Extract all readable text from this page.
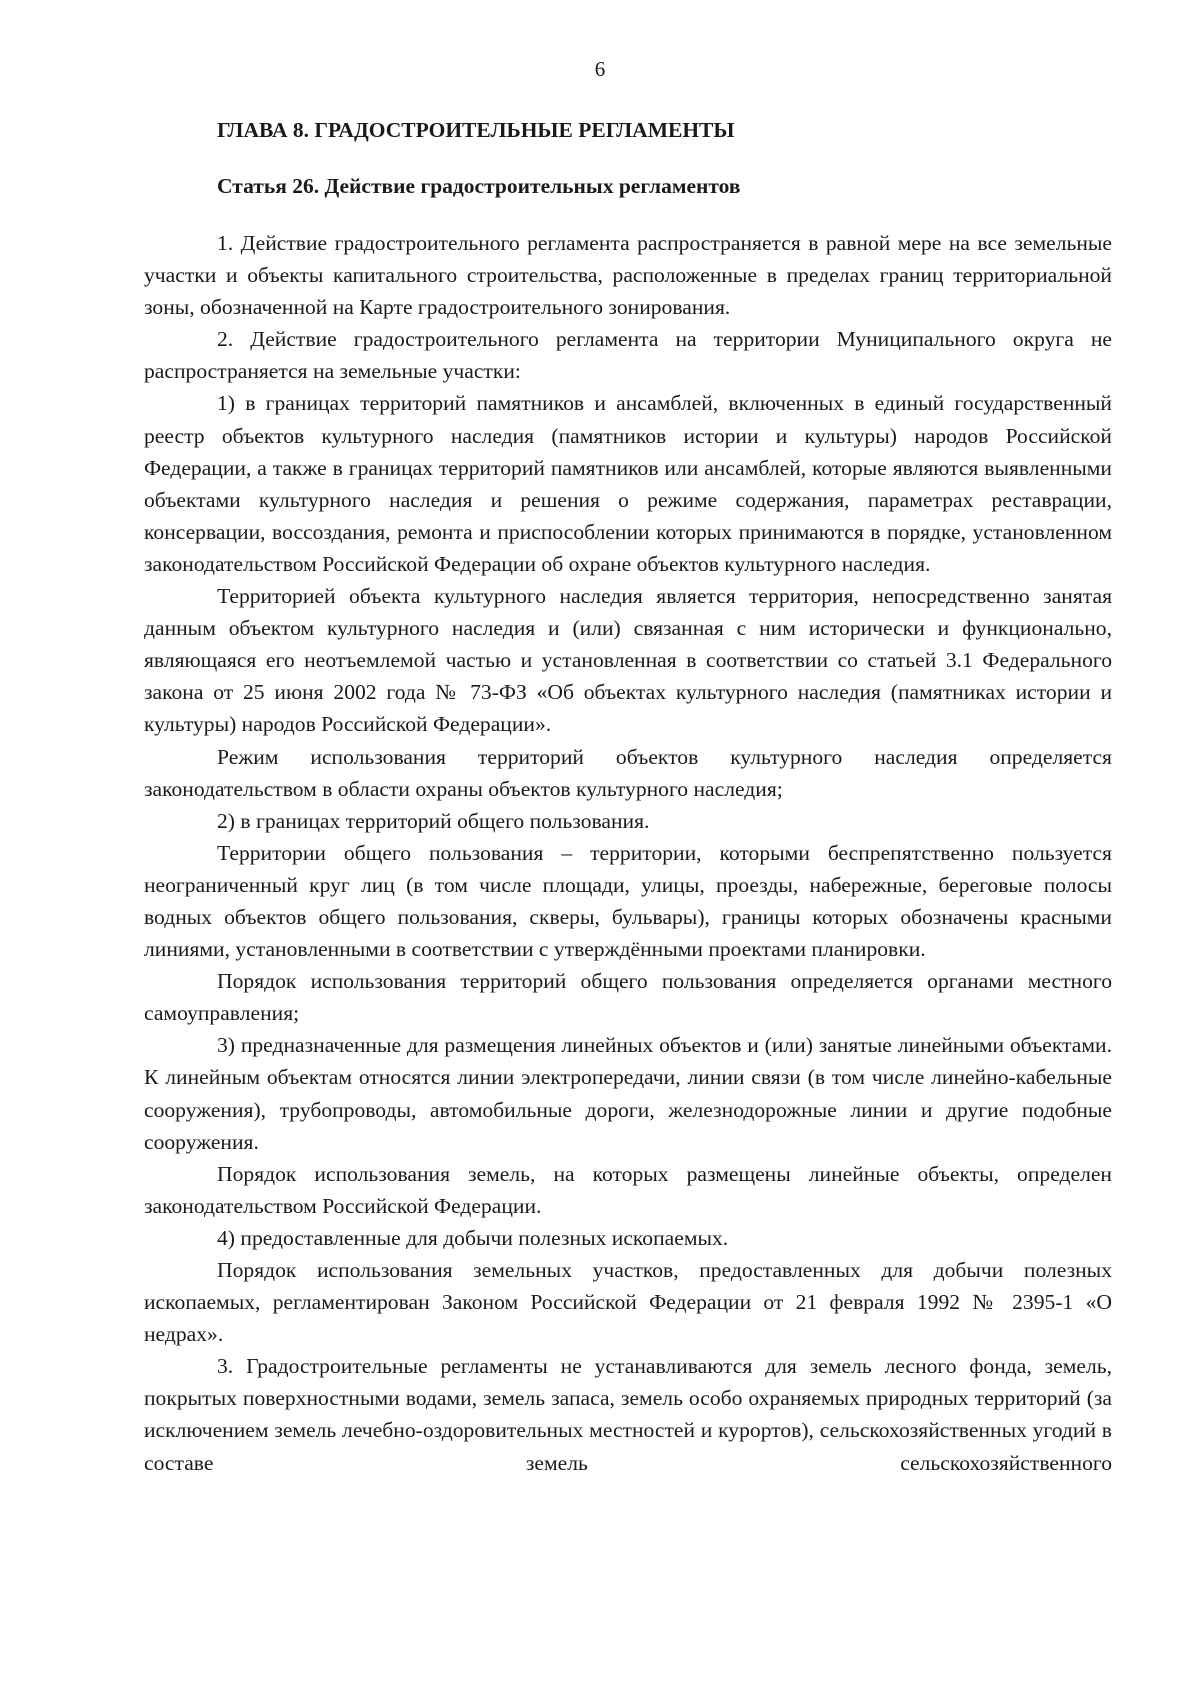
6
ГЛАВА 8. ГРАДОСТРОИТЕЛЬНЫЕ РЕГЛАМЕНТЫ
Статья 26. Действие градостроительных регламентов

1. Действие градостроительного регламента распространяется в равной мере на все земельные участки и объекты капитального строительства, расположенные в пределах границ территориальной зоны, обозначенной на Карте градостроительного зонирования.

2. Действие градостроительного регламента на территории Муниципального округа не распространяется на земельные участки:

1) в границах территорий памятников и ансамблей, включенных в единый государственный реестр объектов культурного наследия (памятников истории и культуры) народов Российской Федерации, а также в границах территорий памятников или ансамблей, которые являются выявленными объектами культурного наследия и решения о режиме содержания, параметрах реставрации, консервации, воссоздания, ремонта и приспособлении которых принимаются в порядке, установленном законодательством Российской Федерации об охране объектов культурного наследия.

Территорией объекта культурного наследия является территория, непосредственно занятая данным объектом культурного наследия и (или) связанная с ним исторически и функционально, являющаяся его неотъемлемой частью и установленная в соответствии со статьей 3.1 Федерального закона от 25 июня 2002 года № 73-ФЗ «Об объектах культурного наследия (памятниках истории и культуры) народов Российской Федерации».

Режим использования территорий объектов культурного наследия определяется законодательством в области охраны объектов культурного наследия;

2) в границах территорий общего пользования.

Территории общего пользования – территории, которыми беспрепятственно пользуется неограниченный круг лиц (в том числе площади, улицы, проезды, набережные, береговые полосы водных объектов общего пользования, скверы, бульвары), границы которых обозначены красными линиями, установленными в соответствии с утверждёнными проектами планировки.

Порядок использования территорий общего пользования определяется органами местного самоуправления;

3) предназначенные для размещения линейных объектов и (или) занятые линейными объектами. К линейным объектам относятся линии электропередачи, линии связи (в том числе линейно-кабельные сооружения), трубопроводы, автомобильные дороги, железнодорожные линии и другие подобные сооружения.

Порядок использования земель, на которых размещены линейные объекты, определен законодательством Российской Федерации.

4) предоставленные для добычи полезных ископаемых.

Порядок использования земельных участков, предоставленных для добычи полезных ископаемых, регламентирован Законом Российской Федерации от 21 февраля 1992 № 2395-1 «О недрах».

3. Градостроительные регламенты не устанавливаются для земель лесного фонда, земель, покрытых поверхностными водами, земель запаса, земель особо охраняемых природных территорий (за исключением земель лечебно-оздоровительных местностей и курортов), сельскохозяйственных угодий в составе земель сельскохозяйственного
